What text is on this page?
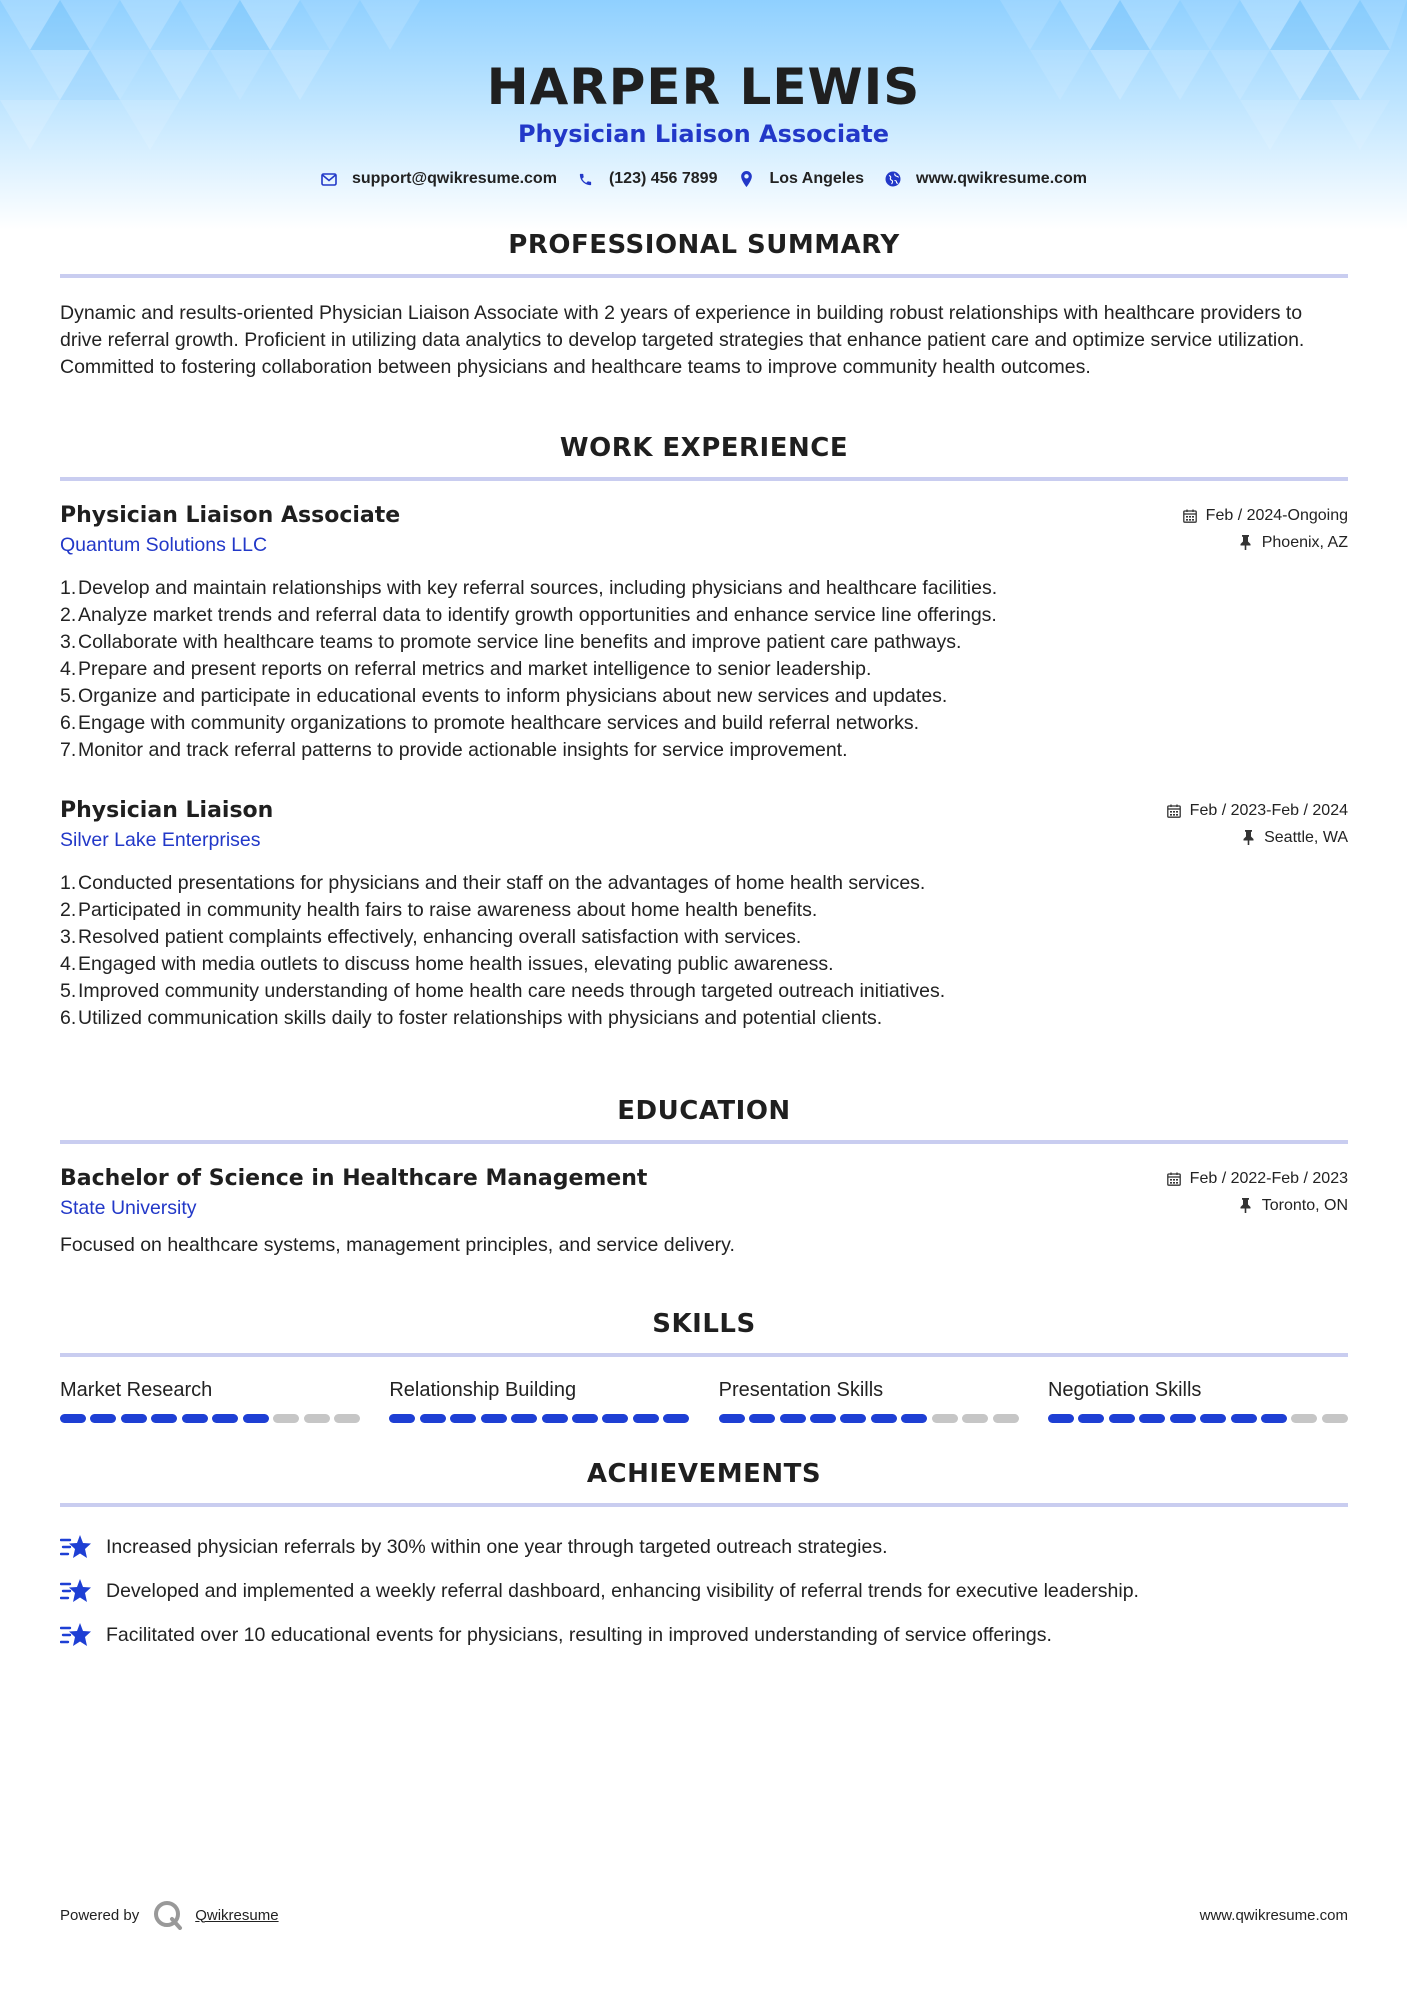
HARPER LEWIS
Physician Liaison Associate
support@qwikresume.com	(123) 456 7899	Los Angeles	www.qwikresume.com
PROFESSIONAL SUMMARY

Dynamic and results-oriented Physician Liaison Associate with 2 years of experience in building robust relationships with healthcare providers to drive referral growth. Proficient in utilizing data analytics to develop targeted strategies that enhance patient care and optimize service utilization. Committed to fostering collaboration between physicians and healthcare teams to improve community health outcomes.

WORK EXPERIENCE
Physician Liaison Associate	Feb / 2024-Ongoing
Quantum Solutions LLC	Phoenix, AZ
1. Develop and maintain relationships with key referral sources, including physicians and healthcare facilities.
2. Analyze market trends and referral data to identify growth opportunities and enhance service line offerings.
3. Collaborate with healthcare teams to promote service line benefits and improve patient care pathways.
4. Prepare and present reports on referral metrics and market intelligence to senior leadership.
5. Organize and participate in educational events to inform physicians about new services and updates.
6. Engage with community organizations to promote healthcare services and build referral networks.
7. Monitor and track referral patterns to provide actionable insights for service improvement.
Physician Liaison	Feb / 2023-Feb / 2024
Silver Lake Enterprises	Seattle, WA
1. Conducted presentations for physicians and their staff on the advantages of home health services.
2. Participated in community health fairs to raise awareness about home health benefits.
3. Resolved patient complaints effectively, enhancing overall satisfaction with services.
4. Engaged with media outlets to discuss home health issues, elevating public awareness.
5. Improved community understanding of home health care needs through targeted outreach initiatives.
6. Utilized communication skills daily to foster relationships with physicians and potential clients.
EDUCATION
Bachelor of Science in Healthcare Management	Feb / 2022-Feb / 2023
State University	Toronto, ON

Focused on healthcare systems, management principles, and service delivery.

SKILLS
Market Research	Relationship Building	Presentation Skills	Negotiation Skills
ACHIEVEMENTS
Increased physician referrals by 30% within one year through targeted outreach strategies.
Developed and implemented a weekly referral dashboard, enhancing visibility of referral trends for executive leadership.
Facilitated over 10 educational events for physicians, resulting in improved understanding of service offerings.
Powered by	Qwikresume	www.qwikresume.com
